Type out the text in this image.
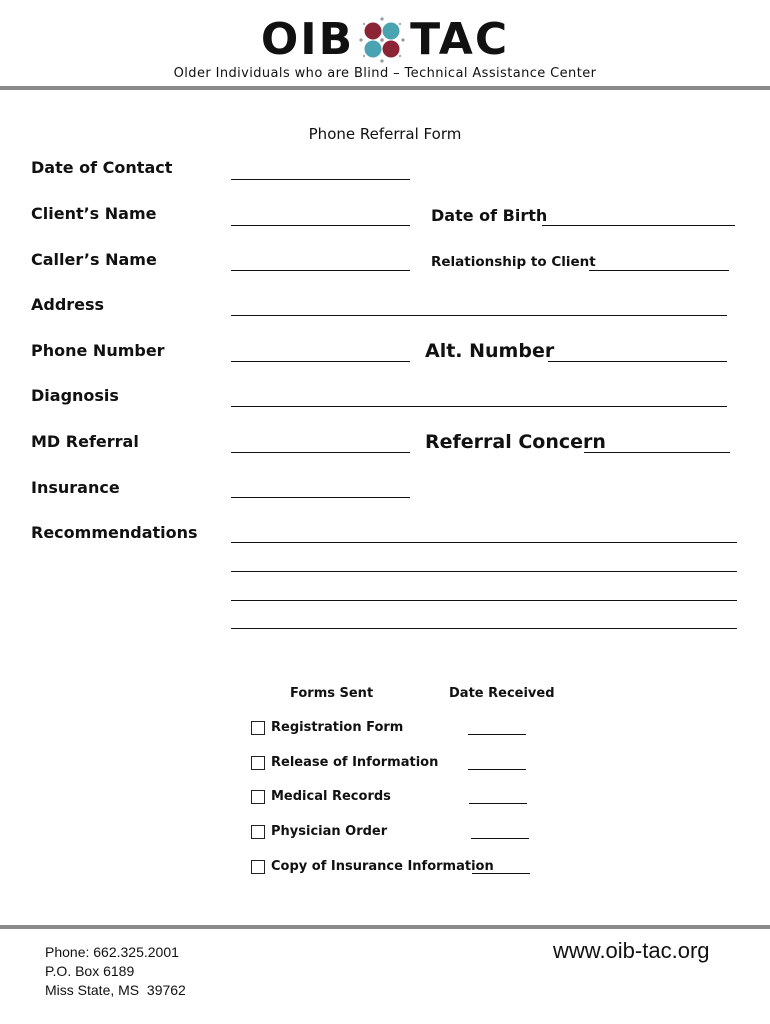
OIB TAC
Older Individuals who are Blind – Technical Assistance Center
Phone Referral Form
Date of Contact
Client’s Name	Date of Birth
Caller’s Name	Relationship to Client
Address
Phone Number	Alt. Number
Diagnosis
MD Referral	Referral Concern
Insurance
Recommendations
Forms Sent	Date Received
Registration Form
Release of Information
Medical Records
Physician Order
Copy of Insurance Information
Phone: 662.325.2001
P.O. Box 6189
Miss State, MS  39762
www.oib-tac.org
